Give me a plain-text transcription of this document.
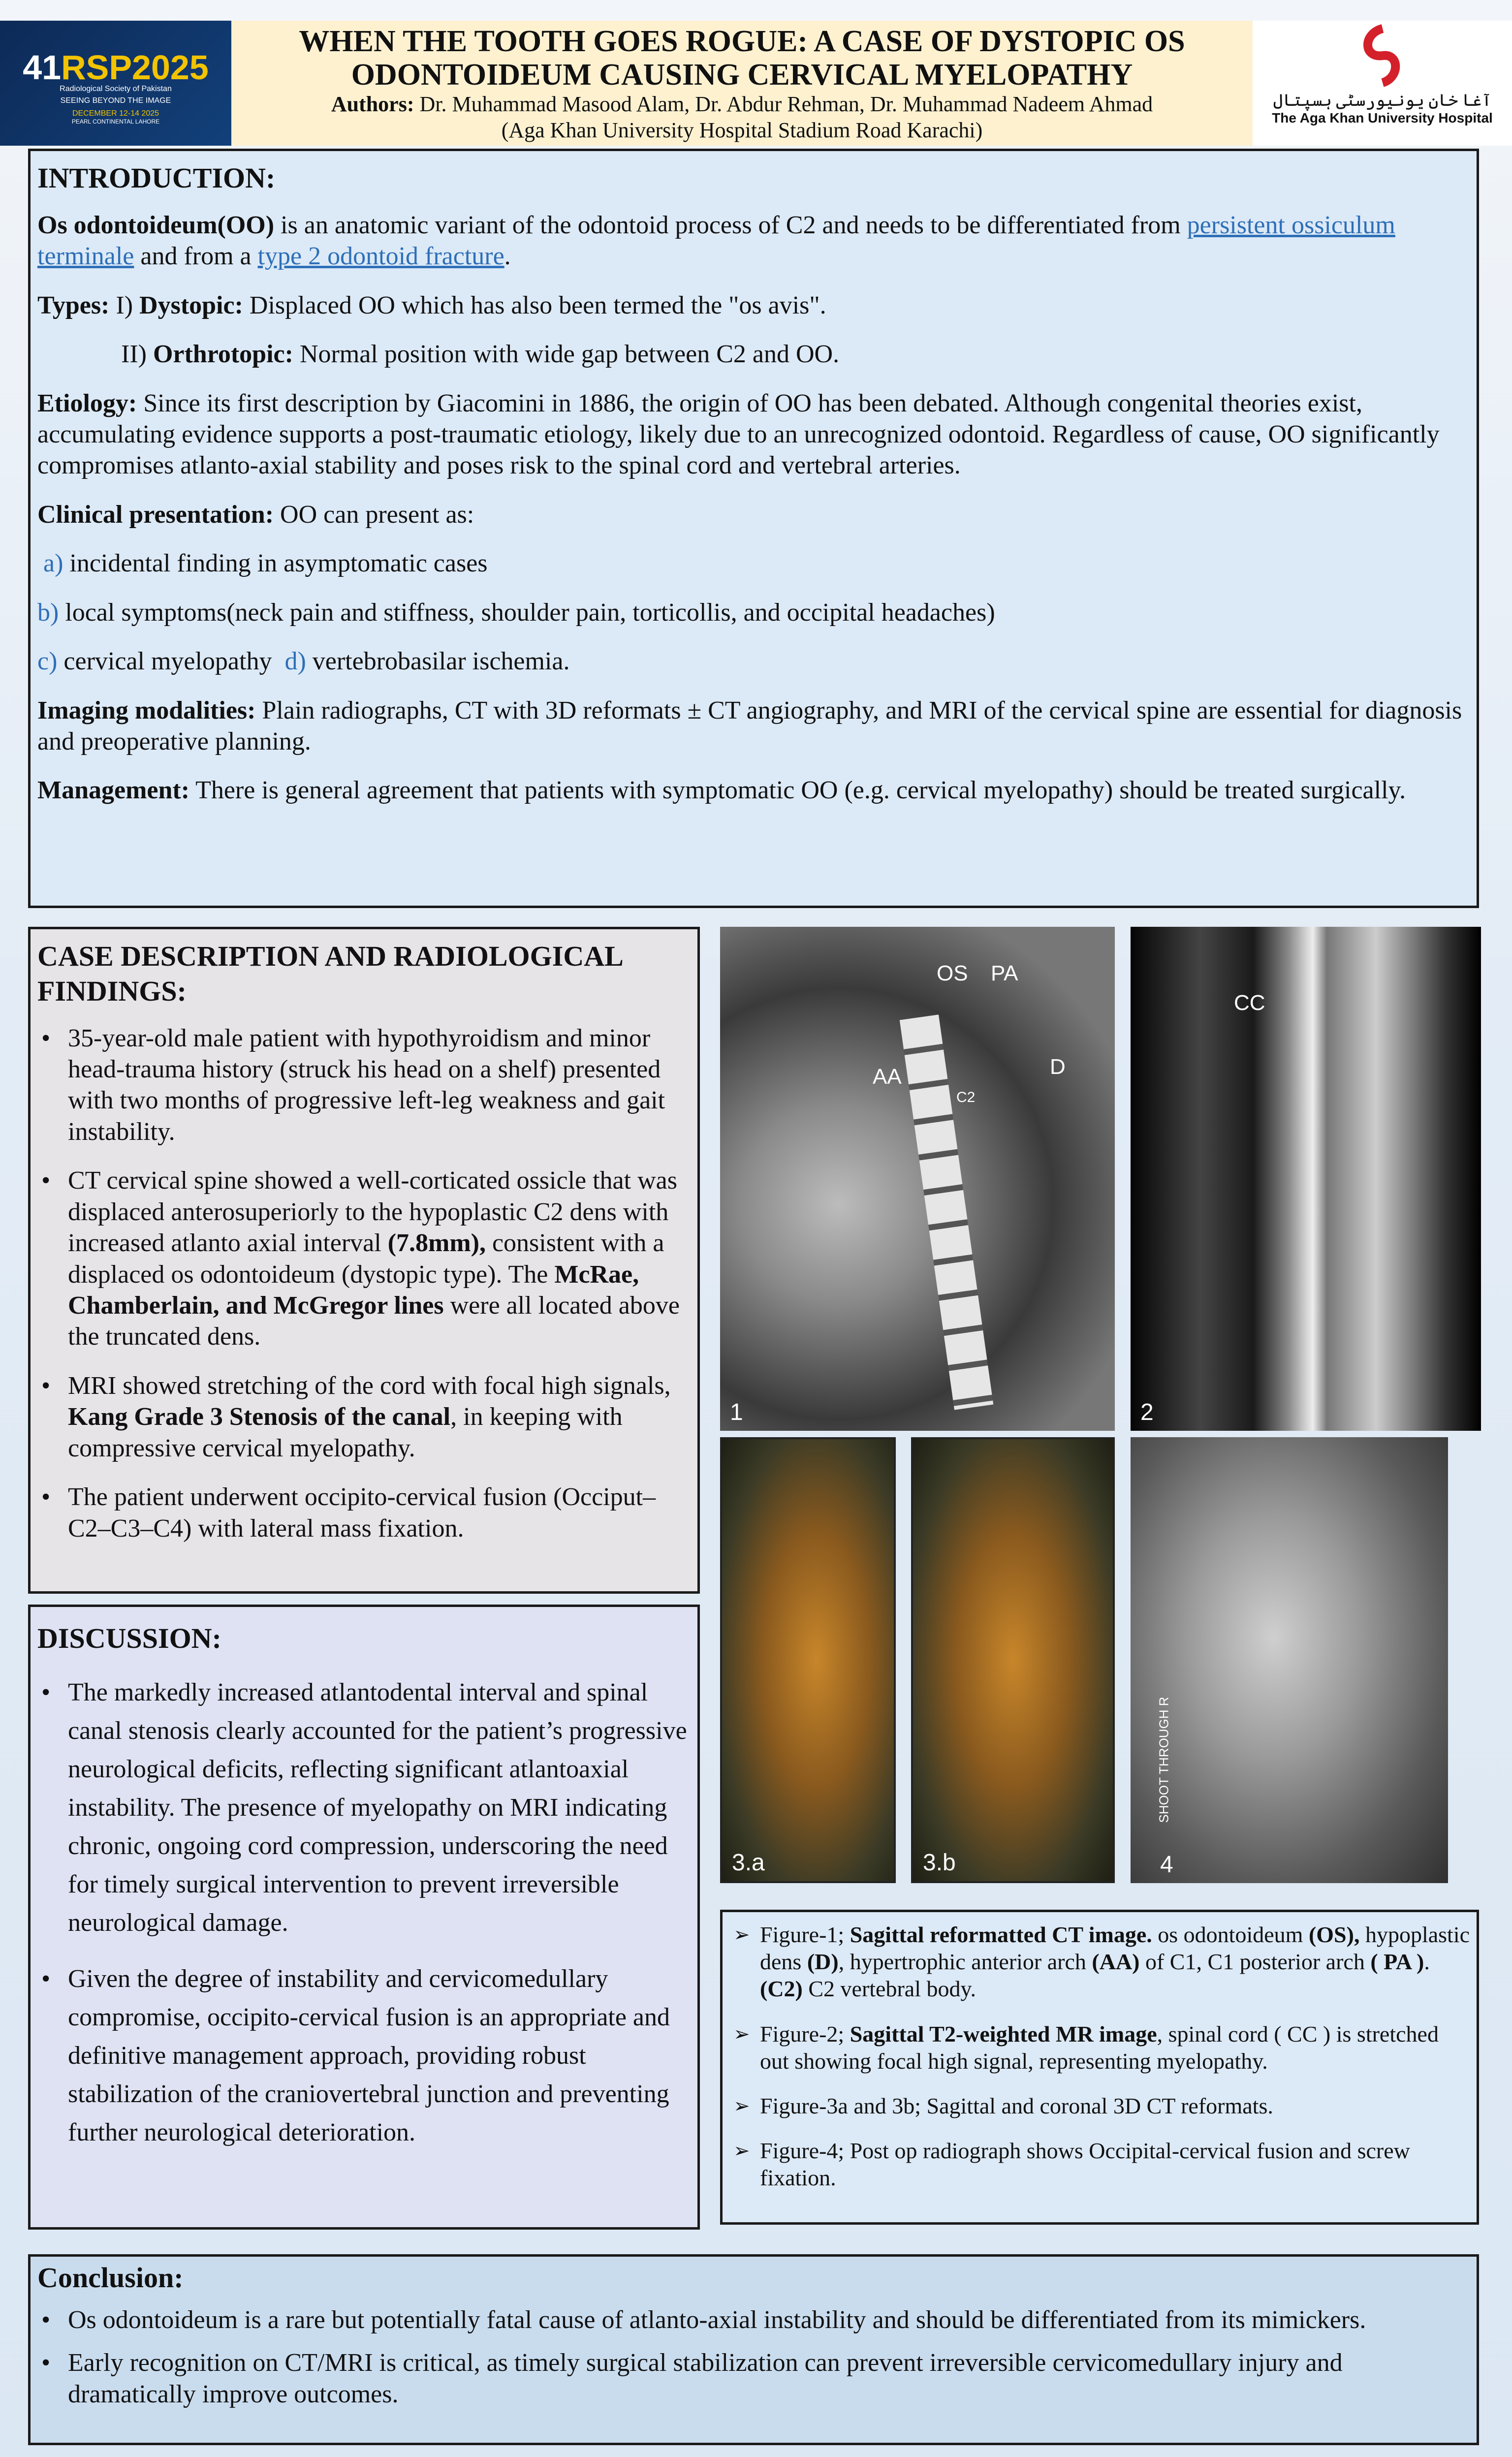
41RSP2025
Radiological Society of Pakistan
SEEING BEYOND THE IMAGE
DECEMBER 12-14 2025
PEARL CONTINENTAL LAHORE
WHEN THE TOOTH GOES ROGUE: A CASE OF DYSTOPIC OS
ODONTOIDEUM CAUSING CERVICAL MYELOPATHY
Authors: Dr. Muhammad Masood Alam, Dr. Abdur Rehman, Dr. Muhammad Nadeem Ahmad
(Aga Khan University Hospital Stadium Road Karachi)
آغا خان یونیورسٹی ہسپتال
The Aga Khan University Hospital
INTRODUCTION:

Os odontoideum(OO) is an anatomic variant of the odontoid process of C2 and needs to be differentiated from persistent ossiculum terminale and from a type 2 odontoid fracture.

Types: I) Dystopic: Displaced OO which has also been termed the "os avis".

II) Orthrotopic: Normal position with wide gap between C2 and OO.

Etiology: Since its first description by Giacomini in 1886, the origin of OO has been debated. Although congenital theories exist, accumulating evidence supports a post-traumatic etiology, likely due to an unrecognized odontoid. Regardless of cause, OO significantly compromises atlanto-axial stability and poses risk to the spinal cord and vertebral arteries.

Clinical presentation: OO can present as:

a) incidental finding in asymptomatic cases

b) local symptoms(neck pain and stiffness, shoulder pain, torticollis, and occipital headaches)

c) cervical myelopathy  d) vertebrobasilar ischemia.

Imaging modalities: Plain radiographs, CT with 3D reformats ± CT angiography, and MRI of the cervical spine are essential for diagnosis and preoperative planning.

Management: There is general agreement that patients with symptomatic OO (e.g. cervical myelopathy) should be treated surgically.

CASE DESCRIPTION AND RADIOLOGICAL FINDINGS:
• 35-year-old male patient with hypothyroidism and minor head-trauma history (struck his head on a shelf) presented with two months of progressive left-leg weakness and gait instability.
• CT cervical spine showed a well-corticated ossicle that was displaced anterosuperiorly to the hypoplastic C2 dens with increased atlanto axial interval (7.8mm), consistent with a displaced os odontoideum (dystopic type). The McRae, Chamberlain, and McGregor lines were all located above the truncated dens.
• MRI showed stretching of the cord with focal high signals, Kang Grade 3 Stenosis of the canal, in keeping with compressive cervical myelopathy.
• The patient underwent occipito-cervical fusion (Occiput–C2–C3–C4) with lateral mass fixation.
DISCUSSION:
• The markedly increased atlantodental interval and spinal canal stenosis clearly accounted for the patient’s progressive neurological deficits, reflecting significant atlantoaxial instability. The presence of myelopathy on MRI indicating chronic, ongoing cord compression, underscoring the need for timely surgical intervention to prevent irreversible neurological damage.
• Given the degree of instability and cervicomedullary compromise, occipito-cervical fusion is an appropriate and definitive management approach, providing robust stabilization of the craniovertebral junction and preventing further neurological deterioration.
OS PA
AA	D
C2
1
CC
2
3.a	3.b
SHOOT THROUGH R
4
➢ Figure-1; Sagittal reformatted CT image. os odontoideum (OS), hypoplastic dens (D), hypertrophic anterior arch (AA) of C1, C1 posterior arch ( PA ). (C2) C2 vertebral body.
➢ Figure-2; Sagittal T2-weighted MR image, spinal cord ( CC ) is stretched out showing focal high signal, representing myelopathy.
➢ Figure-3a and 3b; Sagittal and coronal 3D CT reformats.
➢ Figure-4; Post op radiograph shows Occipital-cervical fusion and screw fixation.
Conclusion:
• Os odontoideum is a rare but potentially fatal cause of atlanto-axial instability and should be differentiated from its mimickers.
• Early recognition on CT/MRI is critical, as timely surgical stabilization can prevent irreversible cervicomedullary injury and dramatically improve outcomes.
